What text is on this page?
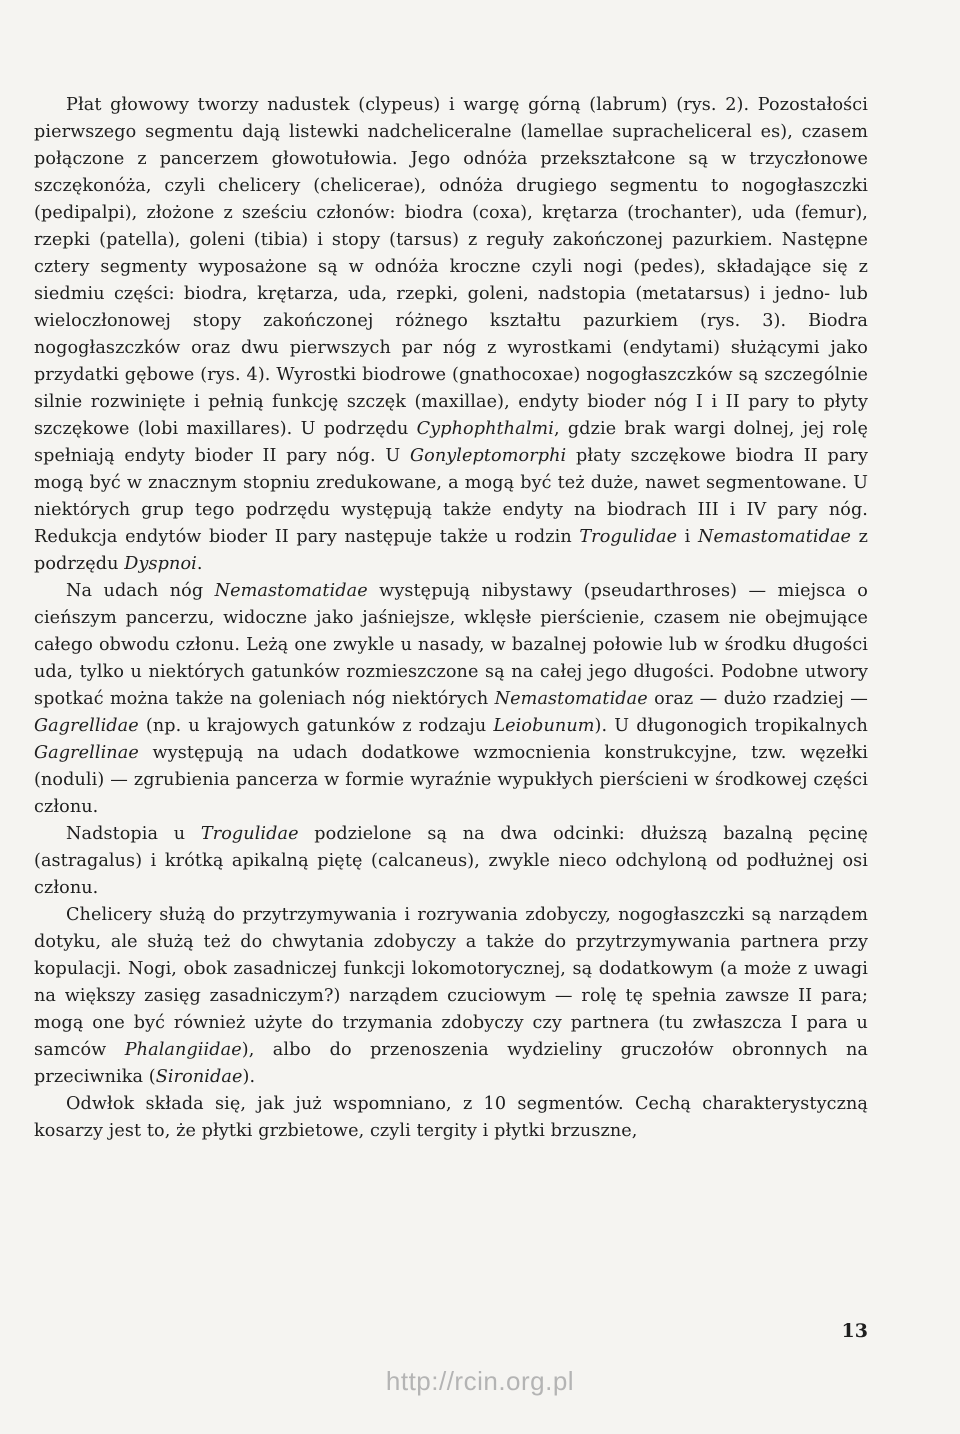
Płat głowowy tworzy nadustek (clypeus) i wargę górną (labrum) (rys. 2). Pozostałości pierwszego segmentu dają listewki nadcheliceralne (lamellae supracheliceral es), czasem połączone z pancerzem głowotułowia. Jego odnóża przekształcone są w trzyczłonowe szczękonóża, czyli chelicery (chelicerae), odnóża drugiego segmentu to nogogłaszczki (pedipalpi), złożone z sześciu członów: biodra (coxa), krętarza (trochanter), uda (femur), rzepki (patella), goleni (tibia) i stopy (tarsus) z reguły zakończonej pazurkiem. Następne cztery segmenty wyposażone są w odnóża kroczne czyli nogi (pedes), składające się z siedmiu części: biodra, krętarza, uda, rzepki, goleni, nadstopia (metatarsus) i jedno- lub wieloczłonowej stopy zakończonej różnego kształtu pazurkiem (rys. 3). Biodra nogogłaszczków oraz dwu pierwszych par nóg z wyrostkami (endytami) służącymi jako przydatki gębowe (rys. 4). Wyrostki biodrowe (gnathocoxae) nogogłaszczków są szczególnie silnie rozwinięte i pełnią funkcję szczęk (maxillae), endyty bioder nóg I i II pary to płyty szczękowe (lobi maxillares). U podrzędu Cyphophthalmi, gdzie brak wargi dolnej, jej rolę spełniają endyty bioder II pary nóg. U Gonyleptomorphi płaty szczękowe biodra II pary mogą być w znacznym stopniu zredukowane, a mogą być też duże, nawet segmentowane. U niektórych grup tego podrzędu występują także endyty na biodrach III i IV pary nóg. Redukcja endytów bioder II pary następuje także u rodzin Trogulidae i Nemastomatidae z podrzędu Dyspnoi.

Na udach nóg Nemastomatidae występują nibystawy (pseudarthroses) — miejsca o cieńszym pancerzu, widoczne jako jaśniejsze, wklęsłe pierścienie, czasem nie obejmujące całego obwodu członu. Leżą one zwykle u nasady, w bazalnej połowie lub w środku długości uda, tylko u niektórych gatunków rozmieszczone są na całej jego długości. Podobne utwory spotkać można także na goleniach nóg niektórych Nemastomatidae oraz — dużo rzadziej — Gagrellidae (np. u krajowych gatunków z rodzaju Leiobunum). U długonogich tropikalnych Gagrellinae występują na udach dodatkowe wzmocnienia konstrukcyjne, tzw. węzełki (noduli) — zgrubienia pancerza w formie wyraźnie wypukłych pierścieni w środkowej części członu.

Nadstopia u Trogulidae podzielone są na dwa odcinki: dłuższą bazalną pęcinę (astragalus) i krótką apikalną piętę (calcaneus), zwykle nieco odchyloną od podłużnej osi członu.

Chelicery służą do przytrzymywania i rozrywania zdobyczy, nogogłaszczki są narządem dotyku, ale służą też do chwytania zdobyczy a także do przytrzymywania partnera przy kopulacji. Nogi, obok zasadniczej funkcji lokomotorycznej, są dodatkowym (a może z uwagi na większy zasięg zasadniczym?) narządem czuciowym — rolę tę spełnia zawsze II para; mogą one być również użyte do trzymania zdobyczy czy partnera (tu zwłaszcza I para u samców Phalangiidae), albo do przenoszenia wydzieliny gruczołów obronnych na przeciwnika (Sironidae).

Odwłok składa się, jak już wspomniano, z 10 segmentów. Cechą charakterystyczną kosarzy jest to, że płytki grzbietowe, czyli tergity i płytki brzuszne,

13
http://rcin.org.pl
